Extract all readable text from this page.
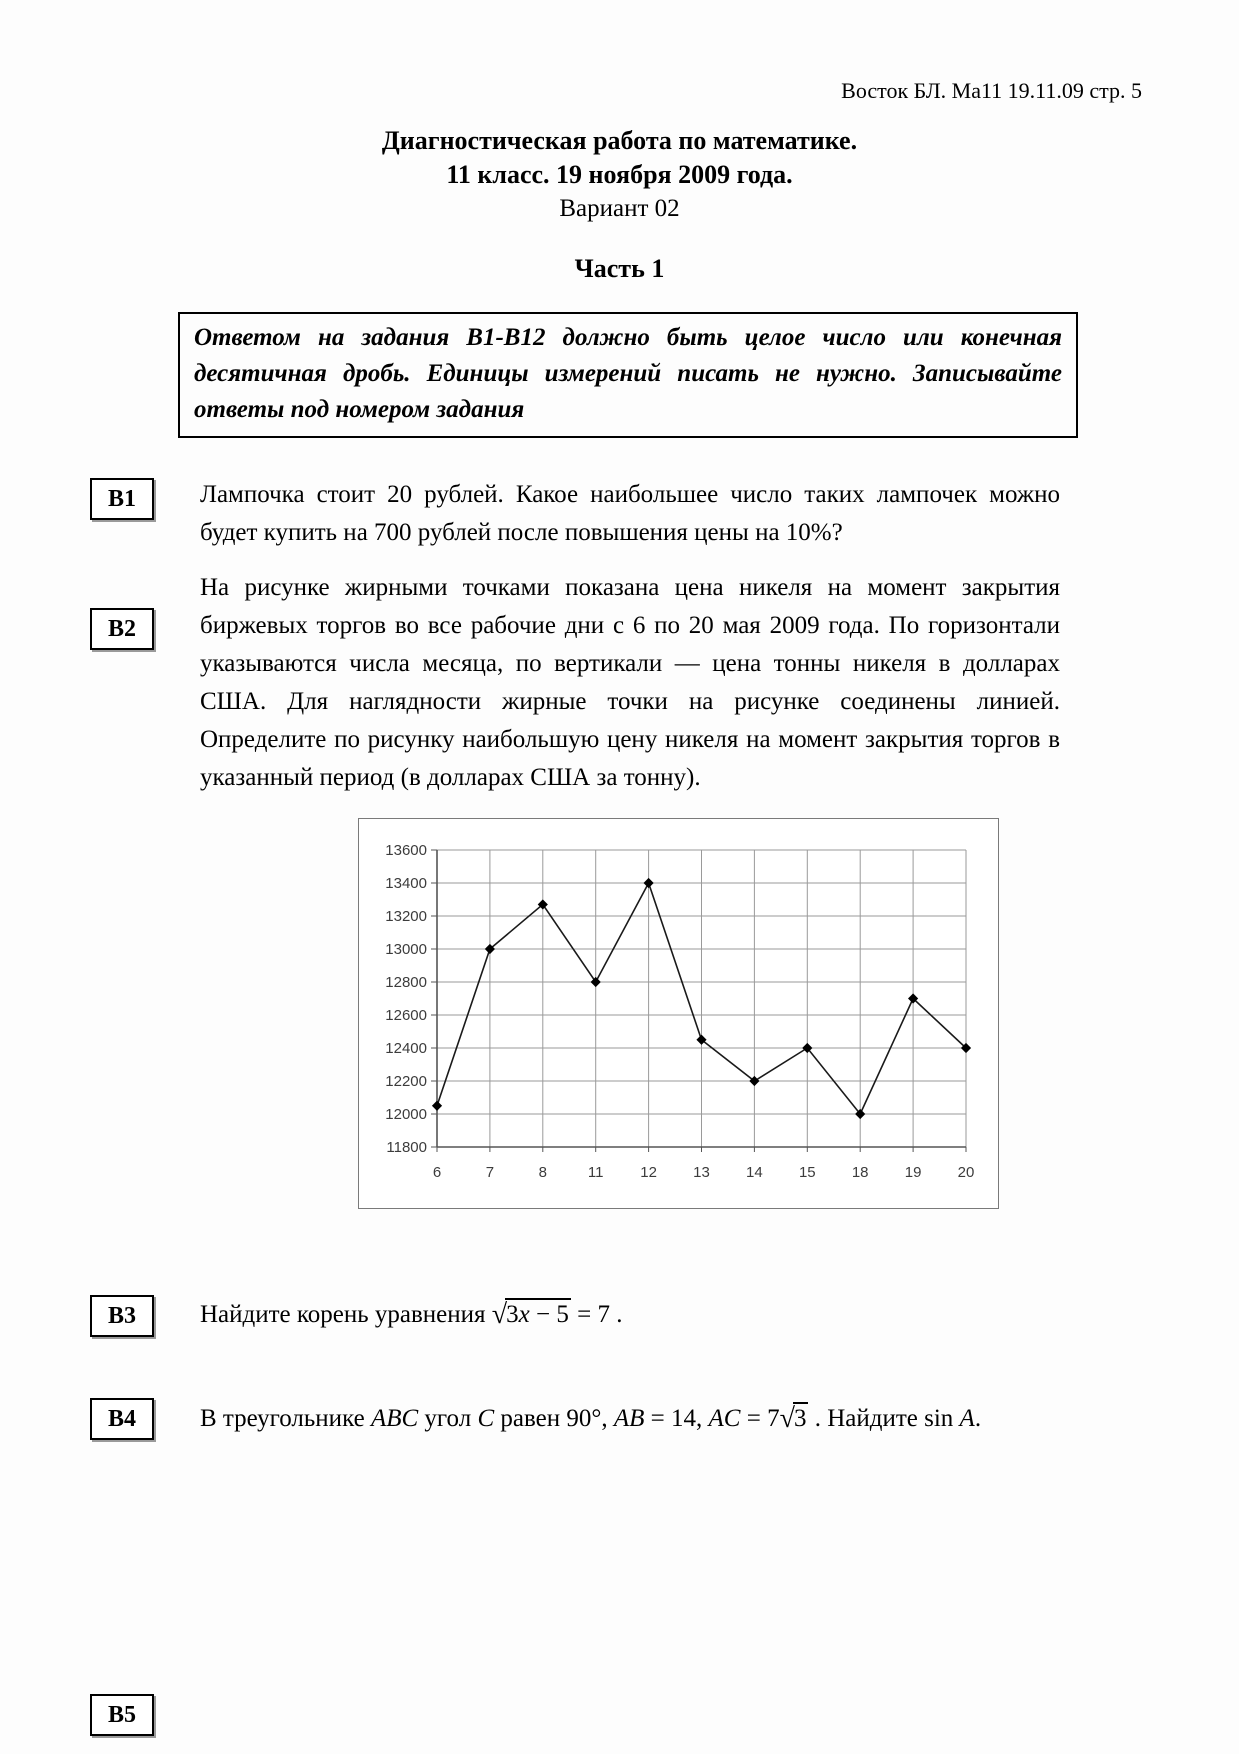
Восток БЛ. Ма11 19.11.09 стр. 5
Диагностическая работа по математике.
11 класс. 19 ноября 2009 года.
Вариант 02
Часть 1
Ответом на задания В1-В12 должно быть целое число или конечная десятичная дробь. Единицы измерений писать не нужно. Записывайте ответы под номером задания
В1	Лампочка стоит 20 рублей. Какое наибольшее число таких лампочек можно будет купить на 700 рублей после повышения цены на 10%?
В2
На рисунке жирными точками показана цена никеля на момент закрытия биржевых торгов во все рабочие дни с 6 по 20 мая 2009 года. По горизонтали указываются числа месяца, по вертикали — цена тонны никеля в долларах США. Для наглядности жирные точки на рисунке соединены линией. Определите по рисунку наибольшую цену никеля на момент закрытия торгов в указанный период (в долларах США за тонну).
13600
13400
13200
13000
12800
12600
12400
12200
12000
11800
6	7	8	11 12 13 14 15 18 19 20
В3	Найдите корень уравнения √3x − 5 = 7 .
В4	В треугольнике ABC угол C равен 90°, AB = 14, AC = 7√3 . Найдите sin A.
В5
